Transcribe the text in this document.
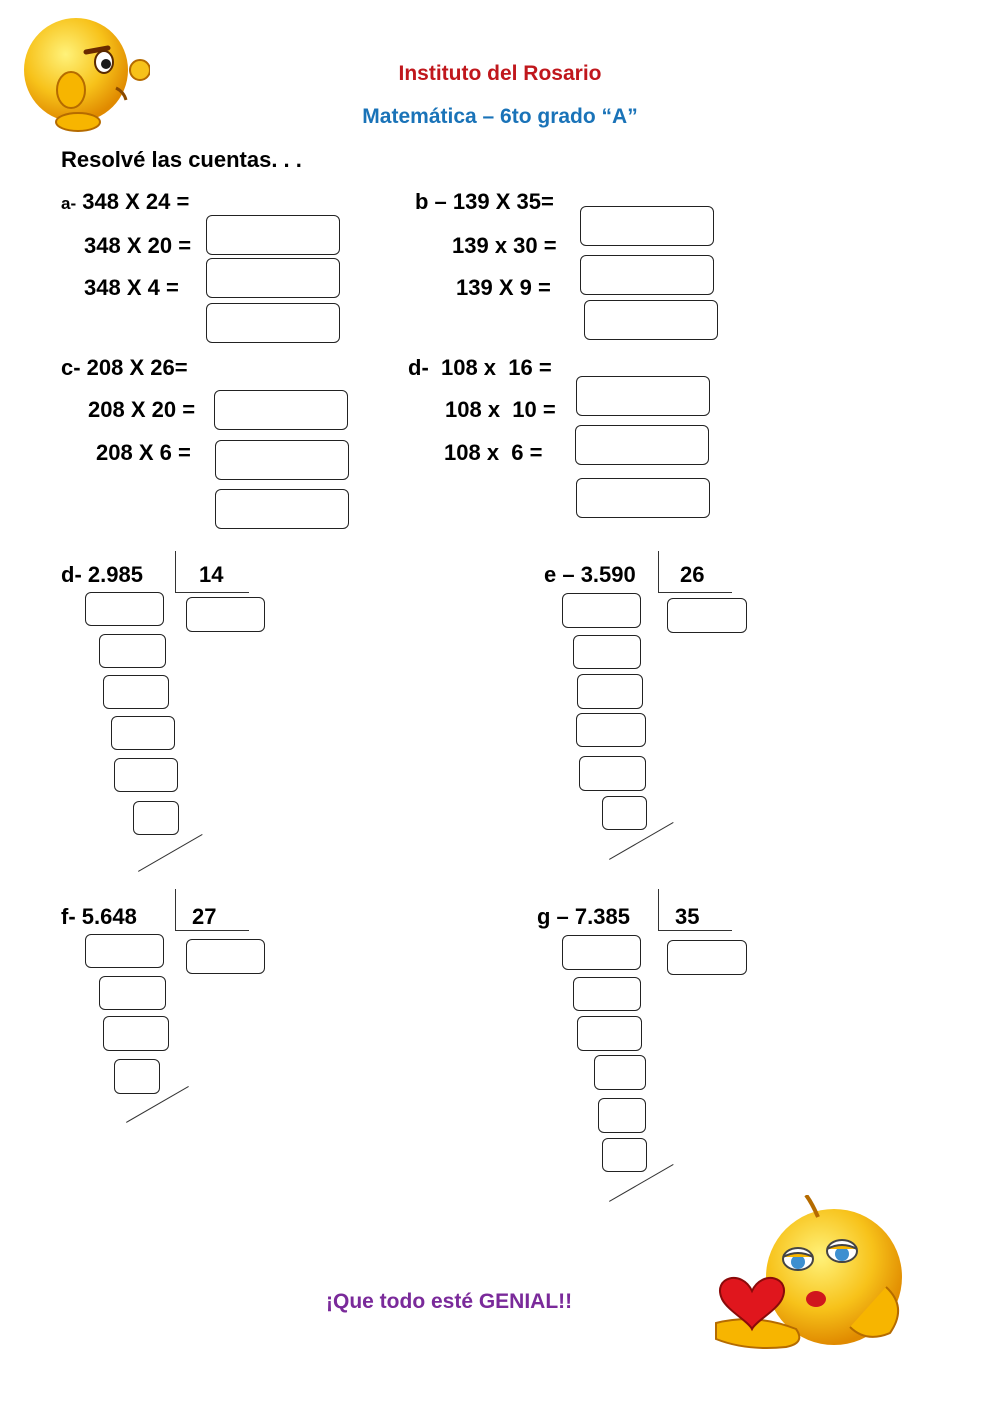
Instituto del Rosario
Matemática – 6to grado “A”
Resolvé las cuentas. . .
a- 348 X 24 =
348 X 20 =
348 X 4 =
b – 139 X 35=
139 x 30 =
139 X 9 =
c- 208 X 26=
208 X 20 =
208 X 6 =
d-  108 x  16 =
108 x  10 =
108 x  6 =
d- 2.985	14	e – 3.590 26
f- 5.648	27	g – 7.385 35
¡Que todo esté GENIAL!!
